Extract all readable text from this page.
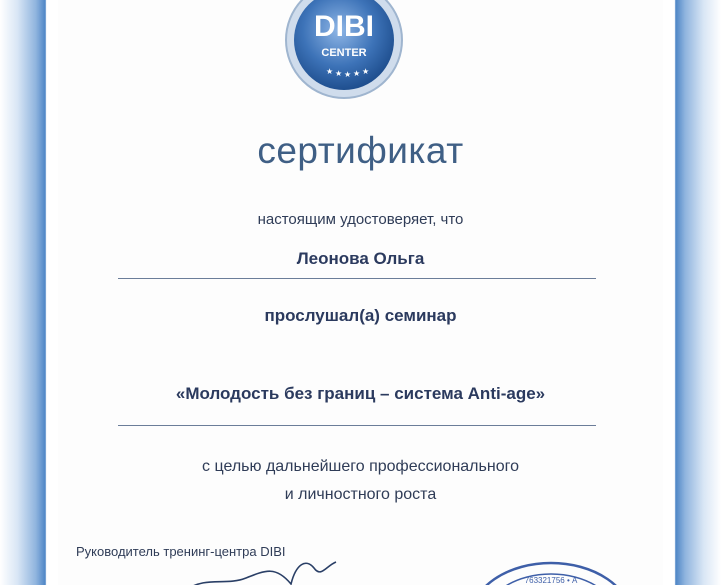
DIBI
CENTER
★ ★ ★ ★ ★
сертификат
настоящим удостоверяет, что
Леонова Ольга
прослушал(а) семинар
«Молодость без границ – система Anti-age»
с целью дальнейшего профессионального
и личностного роста
Руководитель тренинг-центра DIBI
763321756 • А
